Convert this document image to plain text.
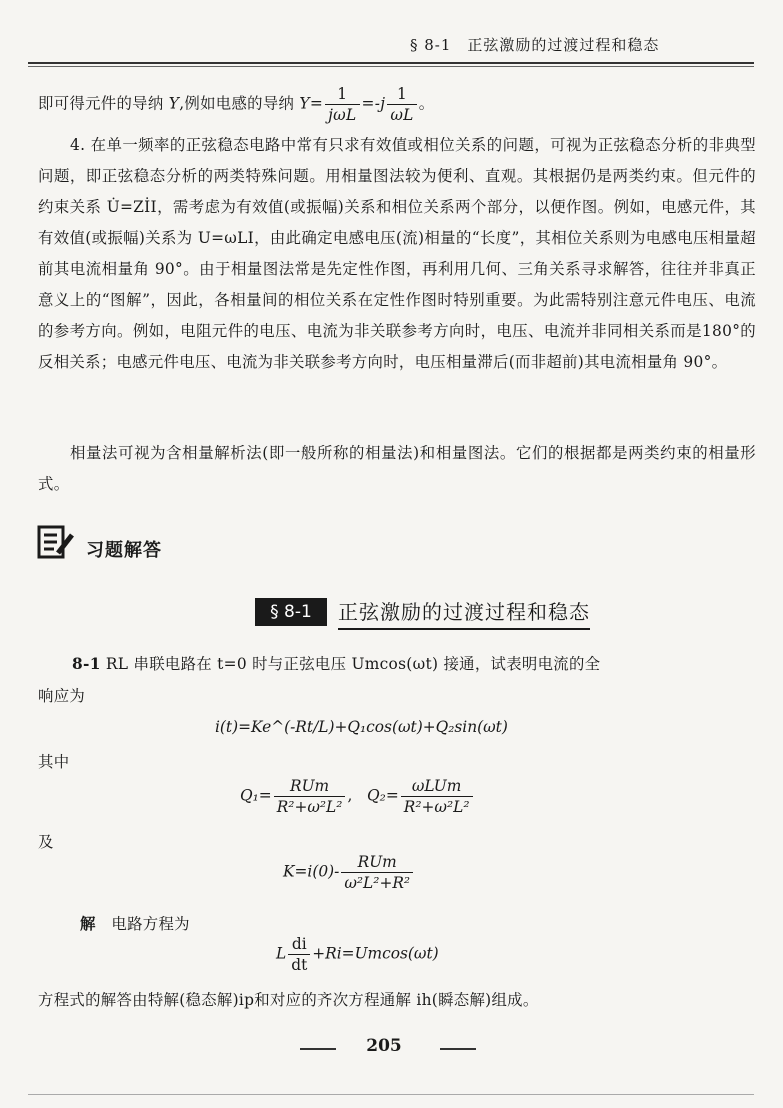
§ 8-1　正弦激励的过渡过程和稳态
即可得元件的导纳 Y,例如电感的导纳 $Y= \frac{1}{\text{jωL}} =-j \frac{1}{\omega L}$ 。
4. 在单一频率的正弦稳态电路中常有只求有效值或相位关系的问题，可视为正弦稳态分析的非典型问题，即正弦稳态分析的两类特殊问题。用相量图法较为便利、直观。其根据仍是两类约束。但元件的约束关系 U̇=ZİI，需考虑为有效值(或振幅)关系和相位关系两个部分，以便作图。例如，电感元件，其有效值(或振幅)关系为 U=ωLI，由此确定电感电压(流)相量的“长度”，其相位关系则为电感电压相量超前其电流相量角 90°。由于相量图法常是先定性作图，再利用几何、三角关系寻求解答，往往并非真正意义上的“图解”，因此，各相量间的相位关系在定性作图时特别重要。为此需特别注意元件电压、电流的参考方向。例如，电阻元件的电压、电流为非关联参考方向时，电压、电流并非同相关系而是180°的反相关系；电感元件电压、电流为非关联参考方向时，电压相量滞后(而非超前)其电流相量角 90°。
相量法可视为含相量解析法(即一般所称的相量法)和相量图法。它们的根据都是两类约束的相量形式。
习题解答
§ 8-1	正弦激励的过渡过程和稳态
8-1 RL 串联电路在 t=0 时与正弦电压 Umcos(ωt) 接通，试表明电流的全
响应为
i(t)=Ke^(-Rt/L)+Q₁cos(ωt)+Q₂sin(ωt)
其中
$Q_1= \frac{\text{RUm}}{\text{R²+ω²L²}}$ , $Q_2= \frac{\text{ωLUm}}{\text{R²+ω²L²}}$
及
$K=i(0)- \frac{\text{RUm}}{\text{ω²L²+R²}}$
解　电路方程为
L $\frac{di}{dt} +Ri=Umcos(\omega t)$
方程式的解答由特解(稳态解)ip和对应的齐次方程通解 ih(瞬态解)组成。
205
